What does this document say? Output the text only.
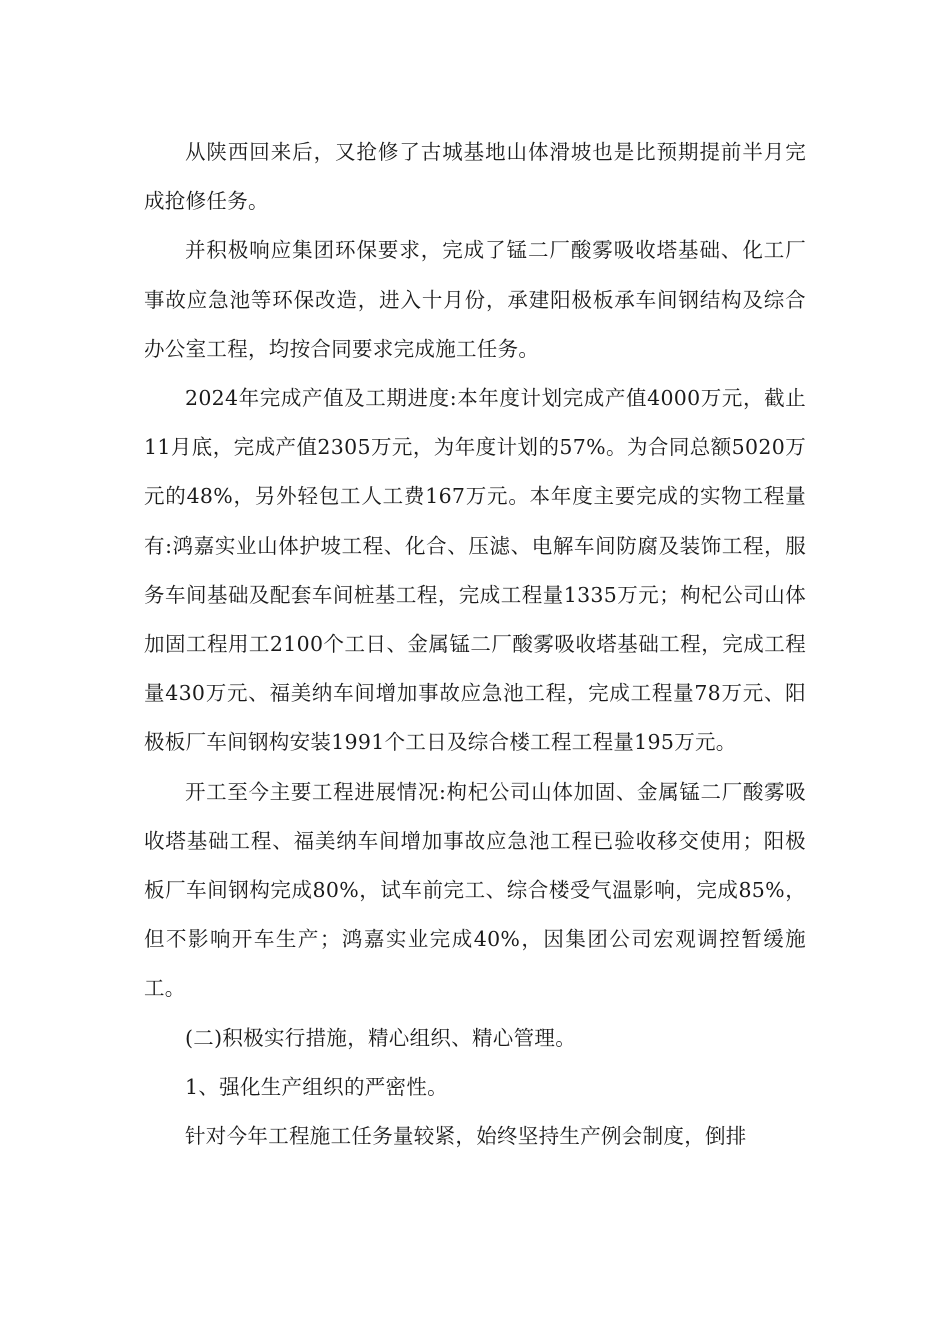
从陕西回来后，又抢修了古城基地山体滑坡也是比预期提前半月完成抢修任务。

并积极响应集团环保要求，完成了锰二厂酸雾吸收塔基础、化工厂事故应急池等环保改造，进入十月份，承建阳极板承车间钢结构及综合办公室工程，均按合同要求完成施工任务。

2024年完成产值及工期进度:本年度计划完成产值4000万元，截止11月底，完成产值2305万元，为年度计划的57%。为合同总额5020万元的48%，另外轻包工人工费167万元。本年度主要完成的实物工程量有:鸿嘉实业山体护坡工程、化合、压滤、电解车间防腐及装饰工程，服务车间基础及配套车间桩基工程，完成工程量1335万元；枸杞公司山体加固工程用工2100个工日、金属锰二厂酸雾吸收塔基础工程，完成工程量430万元、福美纳车间增加事故应急池工程，完成工程量78万元、阳极板厂车间钢构安装1991个工日及综合楼工程工程量195万元。

开工至今主要工程进展情况:枸杞公司山体加固、金属锰二厂酸雾吸收塔基础工程、福美纳车间增加事故应急池工程已验收移交使用；阳极板厂车间钢构完成80%，试车前完工、综合楼受气温影响，完成85%，但不影响开车生产；鸿嘉实业完成40%，因集团公司宏观调控暂缓施工。

(二)积极实行措施，精心组织、精心管理。

1、强化生产组织的严密性。

针对今年工程施工任务量较紧，始终坚持生产例会制度，倒排
